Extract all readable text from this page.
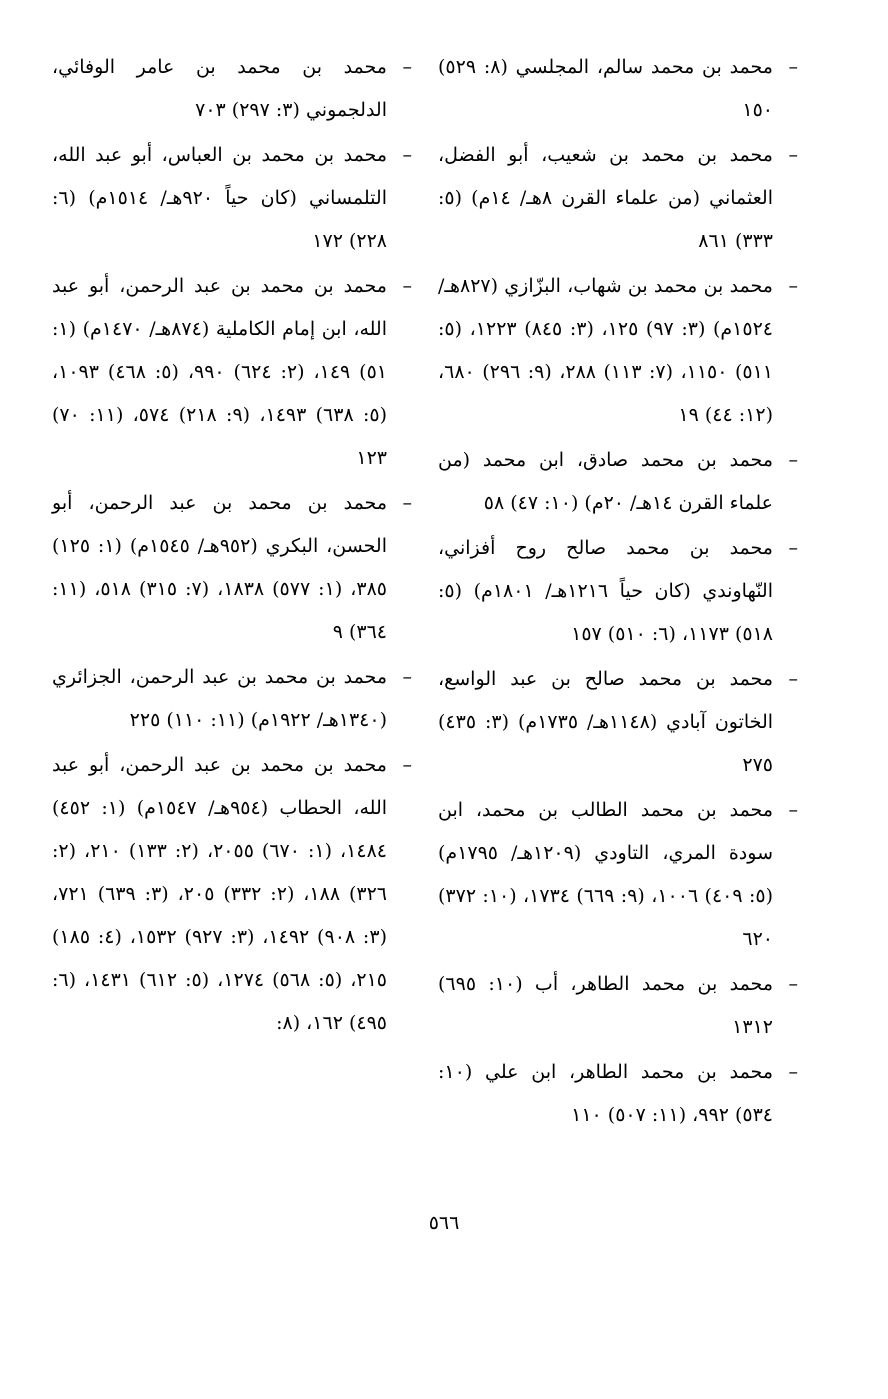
–
محمد بن محمد سالم، المجلسي (٨: ٥٢٩) ١٥٠

–
محمد بن محمد بن شعيب، أبو الفضل، العثماني (من علماء القرن ٨هـ/ ١٤م) (٥: ٣٣٣) ٨٦١

–
محمد بن محمد بن شهاب، البزّازي (٨٢٧هـ/ ١٥٢٤م) (٣: ٩٧) ١٢٥، (٣: ٨٤٥) ١٢٢٣، (٥: ٥١١) ١١٥٠، (٧: ١١٣) ٢٨٨، (٩: ٢٩٦) ٦٨٠، (١٢: ٤٤) ١٩

–
محمد بن محمد صادق، ابن محمد (من علماء القرن ١٤هـ/ ٢٠م) (١٠: ٤٧) ٥٨

–
محمد بن محمد صالح روح أفزاني، النّهاوندي (كان حياً ١٢١٦هـ/ ١٨٠١م) (٥: ٥١٨) ١١٧٣، (٦: ٥١٠) ١٥٧

–
محمد بن محمد صالح بن عبد الواسع، الخاتون آبادي (١١٤٨هـ/ ١٧٣٥م) (٣: ٤٣٥) ٢٧٥

–
محمد بن محمد الطالب بن محمد، ابن سودة المري، التاودي (١٢٠٩هـ/ ١٧٩٥م) (٥: ٤٠٩) ١٠٠٦، (٩: ٦٦٩) ١٧٣٤، (١٠: ٣٧٢) ٦٢٠

–
محمد بن محمد الطاهر، أب (١٠: ٦٩٥) ١٣١٢

–
محمد بن محمد الطاهر، ابن علي (١٠: ٥٣٤) ٩٩٢، (١١: ٥٠٧) ١١٠

–
محمد بن محمد بن عامر الوفائي، الدلجموني (٣: ٢٩٧) ٧٠٣

–
محمد بن محمد بن العباس، أبو عبد الله، التلمساني (كان حياً ٩٢٠هـ/ ١٥١٤م) (٦: ٢٢٨) ١٧٢

–
محمد بن محمد بن عبد الرحمن، أبو عبد الله، ابن إمام الكاملية (٨٧٤هـ/ ١٤٧٠م) (١: ٥١) ١٤٩، (٢: ٦٢٤) ٩٩٠، (٥: ٤٦٨) ١٠٩٣، (٥: ٦٣٨) ١٤٩٣، (٩: ٢١٨) ٥٧٤، (١١: ٧٠) ١٢٣

–
محمد بن محمد بن عبد الرحمن، أبو الحسن، البكري (٩٥٢هـ/ ١٥٤٥م) (١: ١٢٥) ٣٨٥، (١: ٥٧٧) ١٨٣٨، (٧: ٣١٥) ٥١٨، (١١: ٣٦٤) ٩

–
محمد بن محمد بن عبد الرحمن، الجزائري (١٣٤٠هـ/ ١٩٢٢م) (١١: ١١٠) ٢٢٥

–
محمد بن محمد بن عبد الرحمن، أبو عبد الله، الحطاب (٩٥٤هـ/ ١٥٤٧م) (١: ٤٥٢) ١٤٨٤، (١: ٦٧٠) ٢٠٥٥، (٢: ١٣٣) ٢١٠، (٢: ٣٢٦) ١٨٨، (٢: ٣٣٢) ٢٠٥، (٣: ٦٣٩) ٧٢١، (٣: ٩٠٨) ١٤٩٢، (٣: ٩٢٧) ١٥٣٢، (٤: ١٨٥) ٢١٥، (٥: ٥٦٨) ١٢٧٤، (٥: ٦١٢) ١٤٣١، (٦: ٤٩٥) ١٦٢، (٨:

٥٦٦
